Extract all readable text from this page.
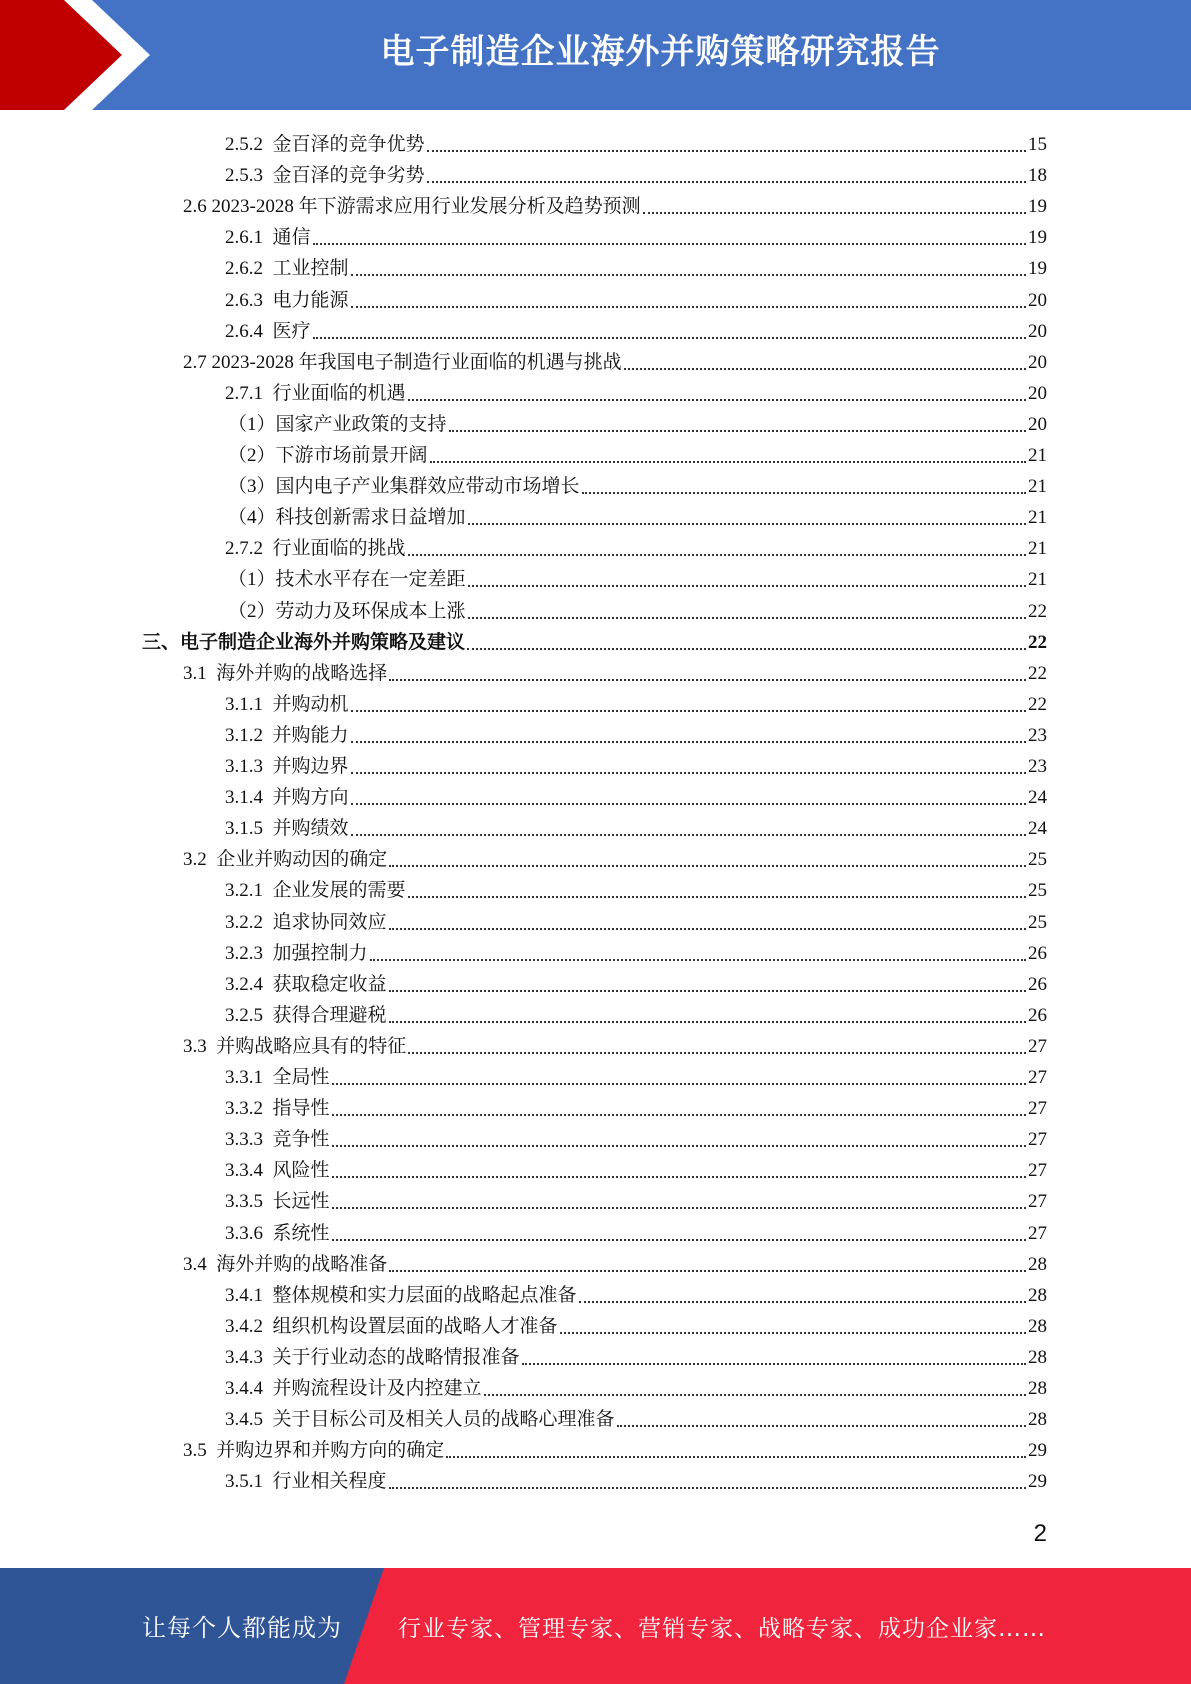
电子制造企业海外并购策略研究报告
2.5.2  金百泽的竞争优势	15
2.5.3  金百泽的竞争劣势	18
2.6 2023-2028 年下游需求应用行业发展分析及趋势预测	19
2.6.1  通信	19
2.6.2  工业控制	19
2.6.3  电力能源	20
2.6.4  医疗	20
2.7 2023-2028 年我国电子制造行业面临的机遇与挑战	20
2.7.1  行业面临的机遇	20
（1）国家产业政策的支持	20
（2）下游市场前景开阔	21
（3）国内电子产业集群效应带动市场增长	21
（4）科技创新需求日益增加	21
2.7.2  行业面临的挑战	21
（1）技术水平存在一定差距	21
（2）劳动力及环保成本上涨	22
三、电子制造企业海外并购策略及建议	22
3.1  海外并购的战略选择	22
3.1.1  并购动机	22
3.1.2  并购能力	23
3.1.3  并购边界	23
3.1.4  并购方向	24
3.1.5  并购绩效	24
3.2  企业并购动因的确定	25
3.2.1  企业发展的需要	25
3.2.2  追求协同效应	25
3.2.3  加强控制力	26
3.2.4  获取稳定收益	26
3.2.5  获得合理避税	26
3.3  并购战略应具有的特征	27
3.3.1  全局性	27
3.3.2  指导性	27
3.3.3  竞争性	27
3.3.4  风险性	27
3.3.5  长远性	27
3.3.6  系统性	27
3.4  海外并购的战略准备	28
3.4.1  整体规模和实力层面的战略起点准备	28
3.4.2  组织机构设置层面的战略人才准备	28
3.4.3  关于行业动态的战略情报准备	28
3.4.4  并购流程设计及内控建立	28
3.4.5  关于目标公司及相关人员的战略心理准备	28
3.5  并购边界和并购方向的确定	29
3.5.1  行业相关程度	29
2
让每个人都能成为 行业专家、管理专家、营销专家、战略专家、成功企业家……
